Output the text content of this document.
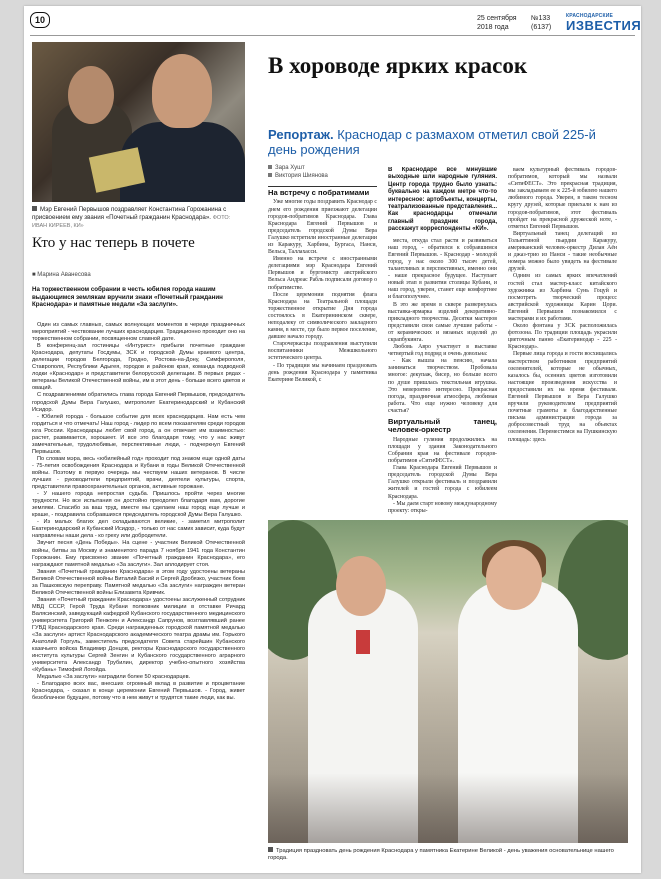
10	25 сентября
2018 года
№133
(6137)
КРАСНОДАРСКИЕ
ИЗВЕСТИЯ
Мэр Евгений Первышов поздравляет Константина Горожанина с присвоением ему звания «Почетный гражданин Краснодара». ФОТО: ИВАН КИРЕЕВ, КИ»
Кто у нас теперь в почете
■ Марина Аванесова
На торжественном собрании в честь юбилея города нашим выдающимся землякам вручили знаки «Почетный гражданин Краснодара» и памятные медали «За заслуги».

Один из самых главных, самых волнующих моментов в череде праздничных мероприятий - чествование лучших краснодарцев. Традиционно проходит оно на торжественном собрании, посвященном славной дате.

В конференц-зал гостиницы «Интурист» прибыли почетные граждане Краснодара, депутаты Госдумы, ЗСК и городской Думы краевого центра, делегации городов Белгорода, Гродно, Ростова-на-Дону, Симферополя, Ставрополя, Республики Адыгея, городов и районов края, команда подводной лодки «Краснодар» и представители белорусской делегации. В первых рядах - ветераны Великой Отечественной войны, им в этот день - больше всего цветов и оваций.

С поздравлениями обратились глава города Евгений Первышов, председатель городской Думы Вера Галушко, митрополит Екатеринодарский и Кубанский Исидор.

- Юбилей города - большое событие для всех краснодарцев. Нам есть чем гордиться и что отмечать! Наш город - лидер по всем показателям среди городов юга России. Краснодарцы любят свой город, а он отвечает им взаимностью: растет, развивается, хорошеет. И все это благодаря тому, что у нас живут замечательные, трудолюбивые, перспективные люди, - подчеркнул Евгений Первышов.

По словам мэра, весь «юбилейный год» проходит под знаком еще одной даты - 75-летия освобождения Краснодара и Кубани в годы Великой Отечественной войны. Поэтому в первую очередь мы чествуем наших ветеранов. В числе лучших - руководители предприятий, врачи, деятели культуры, спорта, представители правоохранительных органов, активные горожане.

- У нашего города непростая судьба. Пришлось пройти через многие трудности. Но все испытания он достойно преодолел благодаря вам, дорогие земляки. Спасибо за ваш труд, вместе мы сделаем наш город еще лучше и краше, - поздравила собравшихся председатель городской Думы Вера Галушко.

- Из малых благих дел складываются великие, - заметил митрополит Екатеринодарский и Кубанский Исидор, - только от нас самих зависит, куда будут направлены наши дела - ко греху или добродетели.

Звучит песня «День Победы». На сцене - участник Великой Отечественной войны, битвы за Москву и знаменитого парада 7 ноября 1941 года Константин Горожанин. Ему присвоено звание «Почетный гражданин Краснодара», его награждают памятной медалью «За заслуги». Зал аплодирует стоя.

Звания «Почетный гражданин Краснодара» в этом году удостоены ветераны Великой Отечественной войны Виталий Басий и Сергей Дробязко, участник боев за Пашковскую переправу. Памятной медалью «За заслуги» награжден ветеран Великой Отечественной войны Елизавета Кривчик.

Звания «Почетный гражданин Краснодара» удостоены заслуженный сотрудник МВД СССР, Герой Труда Кубани полковник милиции в отставке Ричард Валясинский, заведующий кафедрой Кубанского государственного медицинского университета Григорий Пенжоян и Александр Сапрунов, возглавлявший ранее ГУВД Краснодарского края. Среди награжденных городской памятной медалью «За заслуги» артист Краснодарского академического театра драмы им. Горького Анатолий Горгуль, заместитель председателя Совета старейшин Кубанского казачьего войска Владимир Донцов, ректоры Краснодарского государственного института культуры Сергей Зенгин и Кубанского государственного аграрного университета Александр Трубилин, директор учебно-опытного хозяйства «Кубань» Тимофей Логойда.

Медалью «За заслуги» наградили более 50 краснодарцев.

- Благодарю всех вас, внесших огромный вклад в развитие и процветание Краснодара, - сказал в конце церемонии Евгений Первышов. - Город, живет безоблачное будущее, потому что в нем живут и трудятся такие люди, как вы.

В хороводе ярких красок
Репортаж. Краснодар с размахом отметил свой 225-й день рождения
Зара Хушт
Виктория Шиянова
На встречу с побратимами

Уже многие годы поздравить Краснодар с днем его рождения приезжают делегации городов-побратимов Краснодара. Глава Краснодара Евгений Первышов и председатель городской Думы Вера Галушко встретили иностранные делегации из Каракуру, Харбина, Бургаса, Нанси, Вельса, Таллахасси.

Именно на встрече с иностранными делегациями мэр Краснодара Евгений Первышов и бургомистр австрийского Вельса Андреас Рабль подписали договор о побратимстве.

После церемонии поднятия флага Краснодара на Театральной площади торжественное открытие Дня города состоялось в Екатерининском сквере, неподалеку от символического закладного камня, в месте, где было первое поселение, давшее начало городу.

Старочеркасцы поздравления выступили воспитанники Межшкольного эстетического центра.

- По традиции мы начинаем праздновать день рождения Краснодара у памятника Екатерине Великой, с

В Краснодаре все минувшие выходные шли народные гуляния. Центр города трудно было узнать: буквально на каждом метре что-то интересное: артобъекты, концерты, театрализованные представления... Как краснодарцы отмечали главный праздник города, расскажут корреспонденты «КИ».

места, откуда стал расти и развиваться наш город, - обратился к собравшимся Евгений Первышов. - Краснодар - молодой город, у нас около 300 тысяч детей, талантливых и перспективных, именно они - наше прекрасное будущее. Наступает новый этап в развитии столицы Кубани, и наш город, уверен, станет еще комфортнее и благополучнее.

В это же время в сквере развернулась выставка-ярмарка изделий декоративно-прикладного творчества. Десятки мастеров представили свои самые лучшие работы - от керамических и вязаных изделий до скрапбукинга.

Любовь Авро участвует в выставке четвертый год подряд и очень довольна:

- Как вышла на пенсию, начала заниматься творчеством. Пробовала многое: декупаж, бисер, но больше всего по душе пришлась текстильная игрушка. Это невероятно интересно. Прекрасная погода, праздничная атмосфера, любимая работа. Что еще нужно человеку для счастья?

Виртуальный танец, человек-оркестр

Народные гуляния продолжились на площади у здания Законодательного Собрания края на фестивале городов-побратимов «СитиФЕСТ».

Глава Краснодара Евгений Первышов и председатель городской Думы Вера Галушко открыли фестиваль и поздравили жителей и гостей города с юбилеем Краснодара.

- Мы даем старт новому международному проекту: откры-

ваем культурный фестиваль городов-побратимов, который мы назвали «СитиФЕСТ». Это прекрасная традиция, мы закладываем ее к 225-й юбилею нашего любимого города. Уверен, в таком тесном кругу друзей, которые приехали к нам из городов-побратимов, этот фестиваль пройдет на прекрасной дружеской ноте, - отметил Евгений Первышов.

Виртуальный танец делегаций из Тольяттиной пьардии Каракуру, американский человек-оркестр Дилан Аён и джаз-трио из Нанси - такие необычные номера можно было увидеть на фестивале друзей.

Одним из самых ярких впечатлений гостей стал мастер-класс китайского художника из Харбина Сунь Гоцуй и посмотреть творческий процесс австрийской художницы Карин Цори. Евгений Первышов познакомился с мастерами и их работами.

Около фонтана у ЗСК расположилась фотозона. По традиции площадь украсили цветочным панно «Екатеринодар - 225 - Краснодар».

Первые лица города и гости восхищались мастерством работников предприятий озеленителей, которые не обычных, казалось бы, осенних цветов изготовили настоящие произведения искусства и предоставили их на время фестиваля. Евгений Первышов и Вера Галушко вручили руководителям предприятий почетные грамоты и благодарственные письма администрации города за добросовестный труд на объектах озеленения. Переместимся на Пушкинскую площадь: здесь

Традиция праздновать день рождения Краснодара у памятника Екатерине Великой - день уважения основательнице нашего города.
